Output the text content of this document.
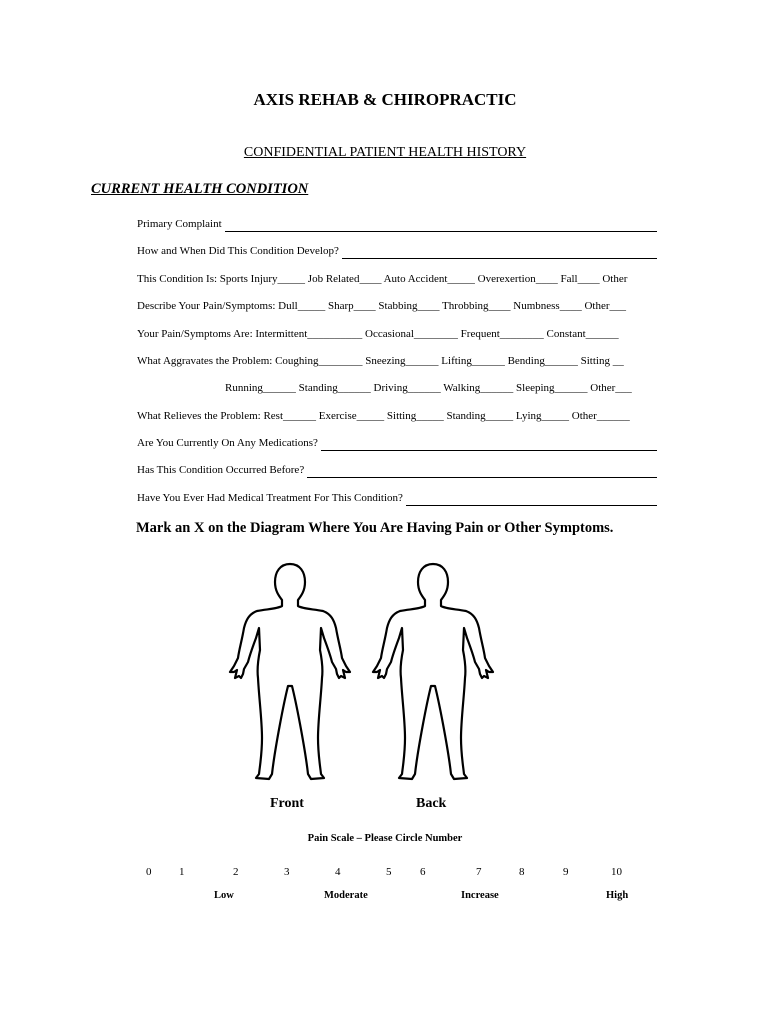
AXIS REHAB & CHIROPRACTIC
CONFIDENTIAL PATIENT HEALTH HISTORY
CURRENT HEALTH CONDITION
Primary Complaint
How and When Did This Condition Develop?
This Condition Is: Sports Injury_____ Job Related____ Auto Accident_____ Overexertion____ Fall____ Other
Describe Your Pain/Symptoms: Dull_____ Sharp____ Stabbing____ Throbbing____ Numbness____ Other___
Your Pain/Symptoms Are: Intermittent__________ Occasional________ Frequent________ Constant______
What Aggravates the Problem: Coughing________ Sneezing______ Lifting______ Bending______ Sitting __
Running______ Standing______ Driving______ Walking______ Sleeping______ Other___
What Relieves the Problem: Rest______ Exercise_____ Sitting_____ Standing_____ Lying_____ Other______
Are You Currently On Any Medications?
Has This Condition Occurred Before?
Have You Ever Had Medical Treatment For This Condition?
Mark an X on the Diagram Where You Are Having Pain or Other Symptoms.
Front	Back
Pain Scale – Please Circle Number
0	1	2	3	4	5	6	7	8	9	10
Low	Moderate	Increase	High
